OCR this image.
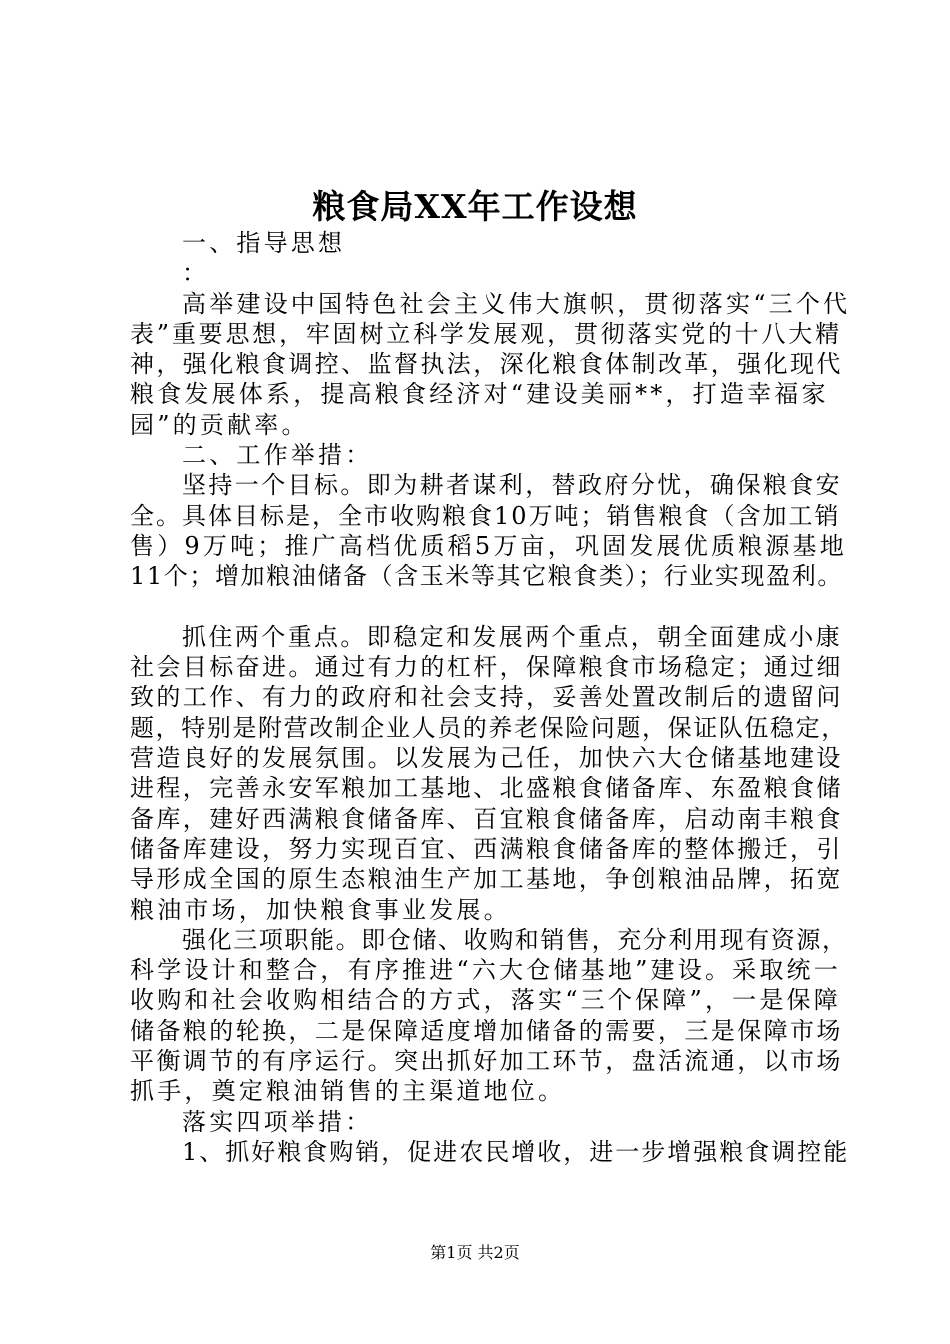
粮食局XX年工作设想
一、指导思想
：
高举建设中国特色社会主义伟大旗帜，贯彻落实“三个代
表”重要思想，牢固树立科学发展观，贯彻落实党的十八大精
神，强化粮食调控、监督执法，深化粮食体制改革，强化现代
粮食发展体系，提高粮食经济对“建设美丽**，打造幸福家
园”的贡献率。
二、工作举措：
坚持一个目标。即为耕者谋利，替政府分忧，确保粮食安
全。具体目标是，全市收购粮食10万吨；销售粮食（含加工销
售）9万吨；推广高档优质稻5万亩，巩固发展优质粮源基地
11个；增加粮油储备（含玉米等其它粮食类）；行业实现盈利。
抓住两个重点。即稳定和发展两个重点，朝全面建成小康
社会目标奋进。通过有力的杠杆，保障粮食市场稳定；通过细
致的工作、有力的政府和社会支持，妥善处置改制后的遗留问
题，特别是附营改制企业人员的养老保险问题，保证队伍稳定，
营造良好的发展氛围。以发展为己任，加快六大仓储基地建设
进程，完善永安军粮加工基地、北盛粮食储备库、东盈粮食储
备库，建好西满粮食储备库、百宜粮食储备库，启动南丰粮食
储备库建设，努力实现百宜、西满粮食储备库的整体搬迁，引
导形成全国的原生态粮油生产加工基地，争创粮油品牌，拓宽
粮油市场，加快粮食事业发展。
强化三项职能。即仓储、收购和销售，充分利用现有资源，
科学设计和整合，有序推进“六大仓储基地”建设。采取统一
收购和社会收购相结合的方式，落实“三个保障”，一是保障
储备粮的轮换，二是保障适度增加储备的需要，三是保障市场
平衡调节的有序运行。突出抓好加工环节，盘活流通，以市场
抓手，奠定粮油销售的主渠道地位。
落实四项举措：
1、抓好粮食购销，促进农民增收，进一步增强粮食调控能
第1页 共2页
